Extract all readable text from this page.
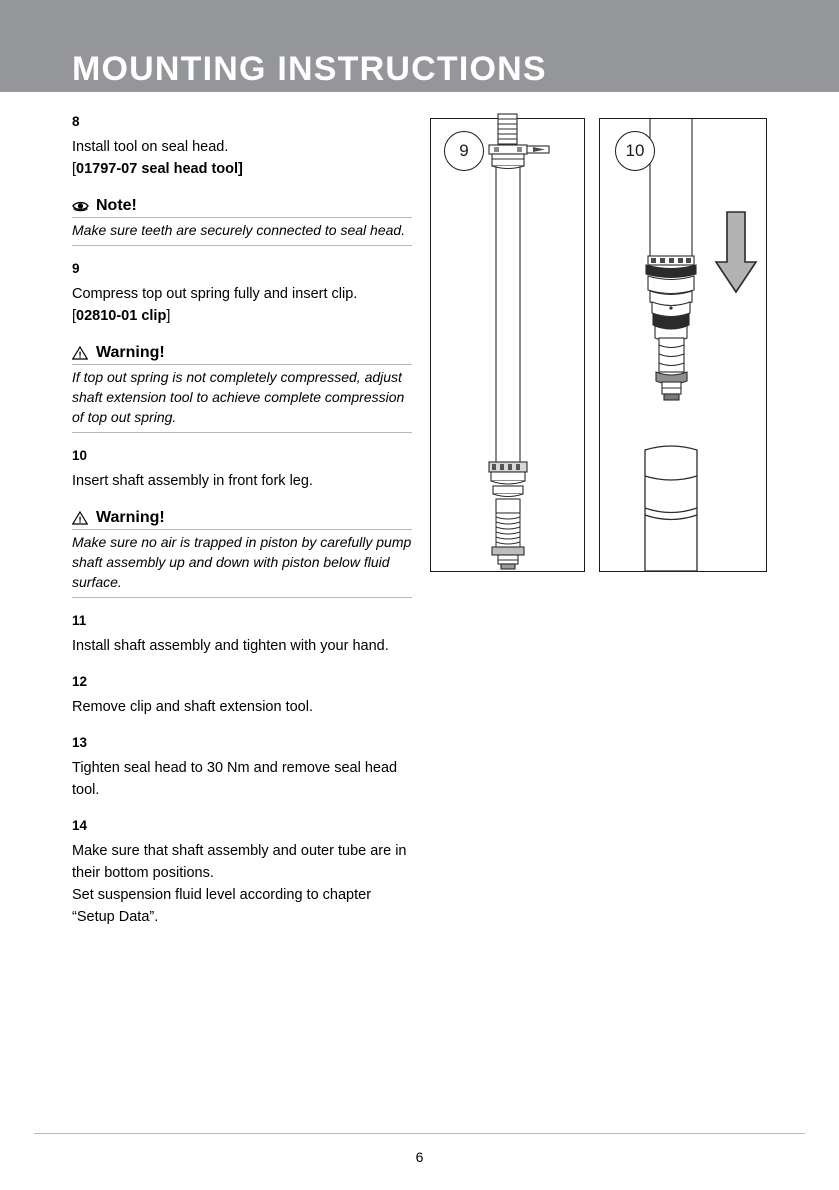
MOUNTING INSTRUCTIONS
8

Install tool on seal head.
[01797-07 seal head tool]

Note!

Make sure teeth are securely connected to seal head.

9

Compress top out spring fully and insert clip.
[02810-01 clip]

Warning!

If top out spring is not completely compressed, adjust shaft extension tool to achieve complete compression of top out spring.

10

Insert shaft assembly in front fork leg.

Warning!

Make sure no air is trapped in piston by carefully pump shaft assembly up and down with piston below fluid surface.

11

Install shaft assembly and tighten with your hand.

12

Remove clip and shaft extension tool.

13

Tighten seal head to 30 Nm and remove seal head tool.

14

Make sure that shaft assembly and outer tube are in their bottom positions.
Set suspension fluid level according to chapter “Setup Data”.

9	10
6
